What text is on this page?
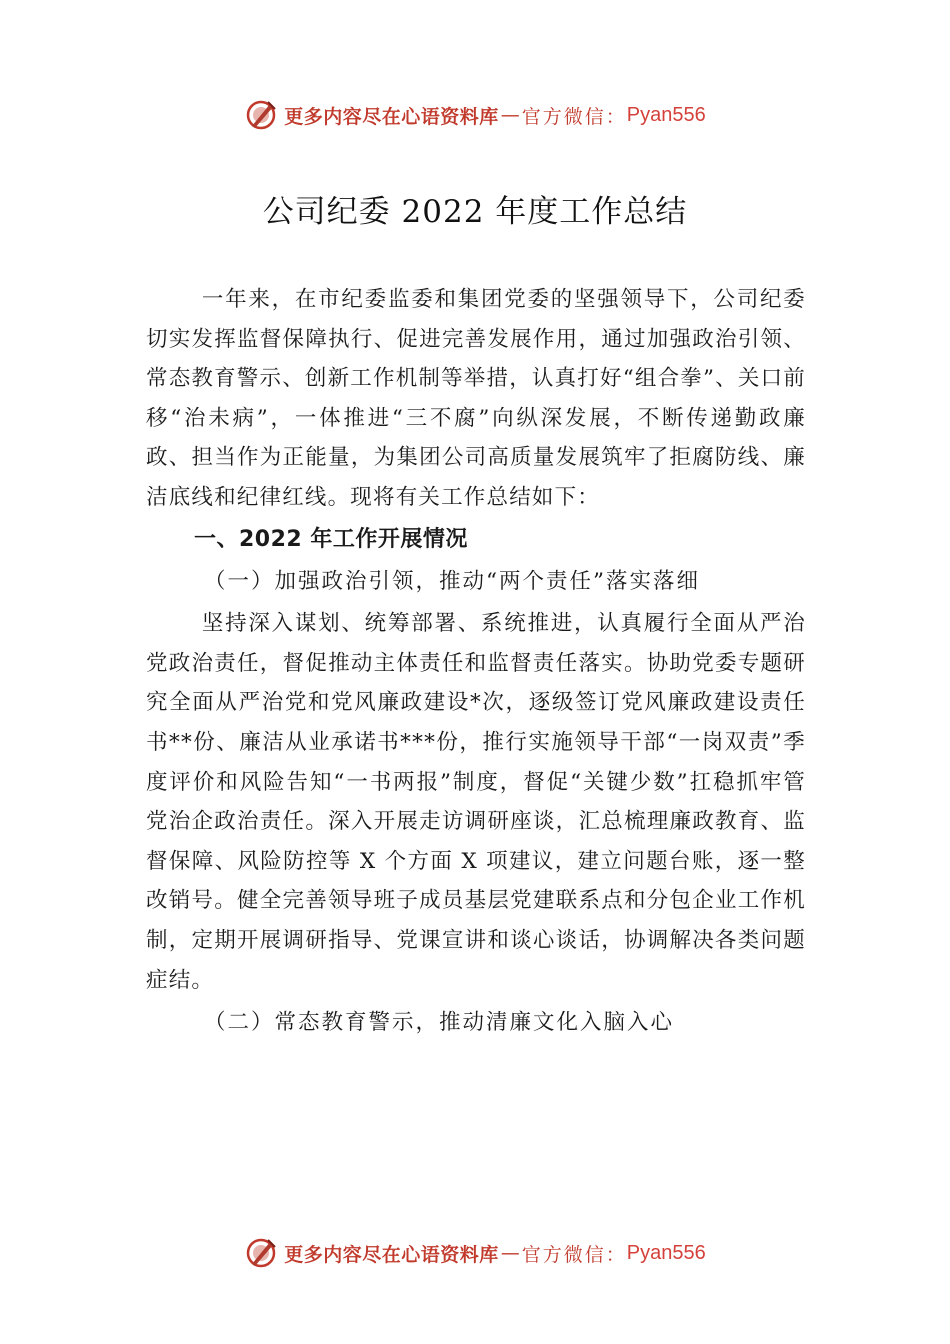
更多内容尽在心语资料库 — 官方微信： Pyan556
公司纪委 2022 年度工作总结

一年来，在市纪委监委和集团党委的坚强领导下，公司纪委切实发挥监督保障执行、促进完善发展作用，通过加强政治引领、常态教育警示、创新工作机制等举措，认真打好“组合拳”、关口前移“治未病”，一体推进“三不腐”向纵深发展，不断传递勤政廉政、担当作为正能量，为集团公司高质量发展筑牢了拒腐防线、廉洁底线和纪律红线。现将有关工作总结如下：

一、2022 年工作开展情况
（一）加强政治引领，推动“两个责任”落实落细

坚持深入谋划、统筹部署、系统推进，认真履行全面从严治党政治责任，督促推动主体责任和监督责任落实。协助党委专题研究全面从严治党和党风廉政建设*次，逐级签订党风廉政建设责任书**份、廉洁从业承诺书***份，推行实施领导干部“一岗双责”季度评价和风险告知“一书两报”制度，督促“关键少数”扛稳抓牢管党治企政治责任。深入开展走访调研座谈，汇总梳理廉政教育、监督保障、风险防控等 X 个方面 X 项建议，建立问题台账，逐一整改销号。健全完善领导班子成员基层党建联系点和分包企业工作机制，定期开展调研指导、党课宣讲和谈心谈话，协调解决各类问题症结。

（二）常态教育警示，推动清廉文化入脑入心
更多内容尽在心语资料库 — 官方微信： Pyan556
